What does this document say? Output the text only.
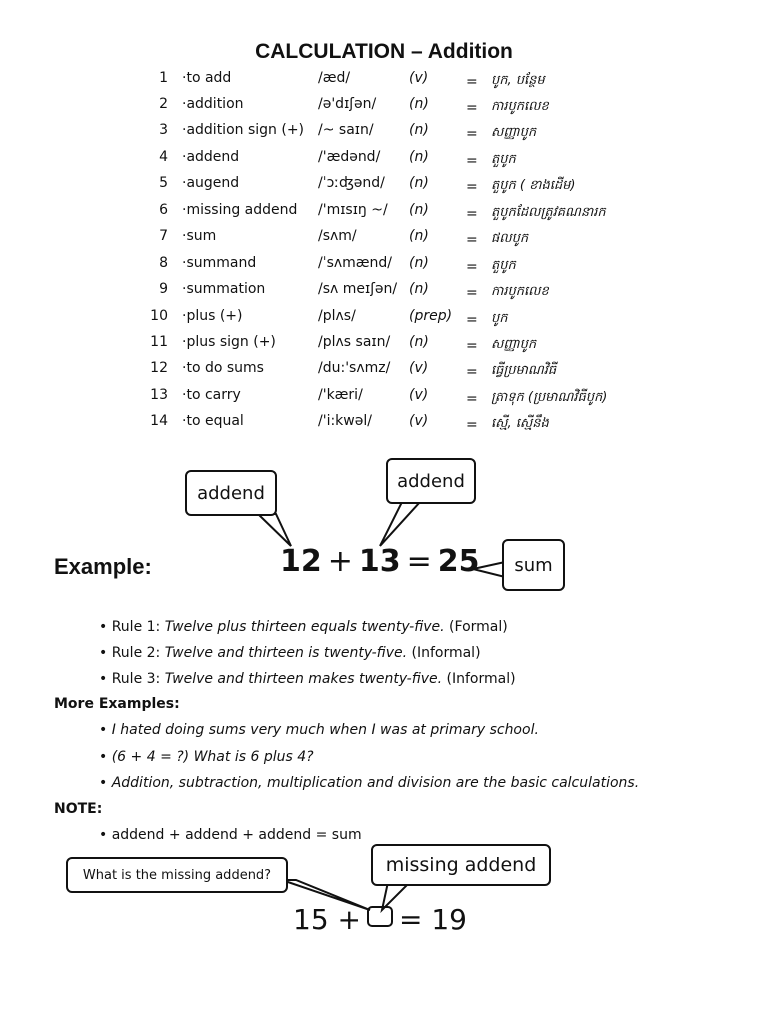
CALCULATION – Addition
1 ·to add	/æd/	(v)	= បូក, បន្ថែម
2 ·addition	/ə'dɪʃən/ (n)	= ការបូកលេខ
3 ·addition sign (+) /~ saɪn/	(n)	= សញ្ញាបូក
4 ·addend	/'ædənd/ (n)	= តួបូក
5 ·augend	/ˈɔːʤənd/ (n)	= តួបូក ( ខាងដើម)
6 ·missing addend /'mɪsɪŋ ~/ (n)	= តួបូកដែលត្រូវគណនារក
7 ·sum	/sʌm/	(n)	= ផលបូក
8 ·summand	/ˈsʌmænd/ (n)	= តួបូក
9 ·summation	/sʌ meɪʃən/ (n)	= ការបូកលេខ
10 ·plus (+)	/plʌs/	(prep) = បូក
11 ·plus sign (+)	/plʌs saɪn/ (n)	= សញ្ញាបូក
12 ·to do sums	/du:'sʌmz/ (v)	= ធ្វើប្រមាណវិធី
13 ·to carry	/'kæri/	(v)	= ត្រាទុក (ប្រមាណវិធីបូក)
14 ·to equal	/'i:kwəl/	(v)	= ស្មើ, ស្មើនឹង
addend
addend
sum
Example:	12 + 13 = 25
• Rule 1: Twelve plus thirteen equals twenty-five. (Formal)
• Rule 2: Twelve and thirteen is twenty-five. (Informal)
• Rule 3: Twelve and thirteen makes twenty-five. (Informal)
More Examples:
• I hated doing sums very much when I was at primary school.
• (6 + 4 = ?) What is 6 plus 4?
• Addition, subtraction, multiplication and division are the basic calculations.
NOTE:
• addend + addend + addend = sum
What is the missing addend?	missing addend
15 + = 19
